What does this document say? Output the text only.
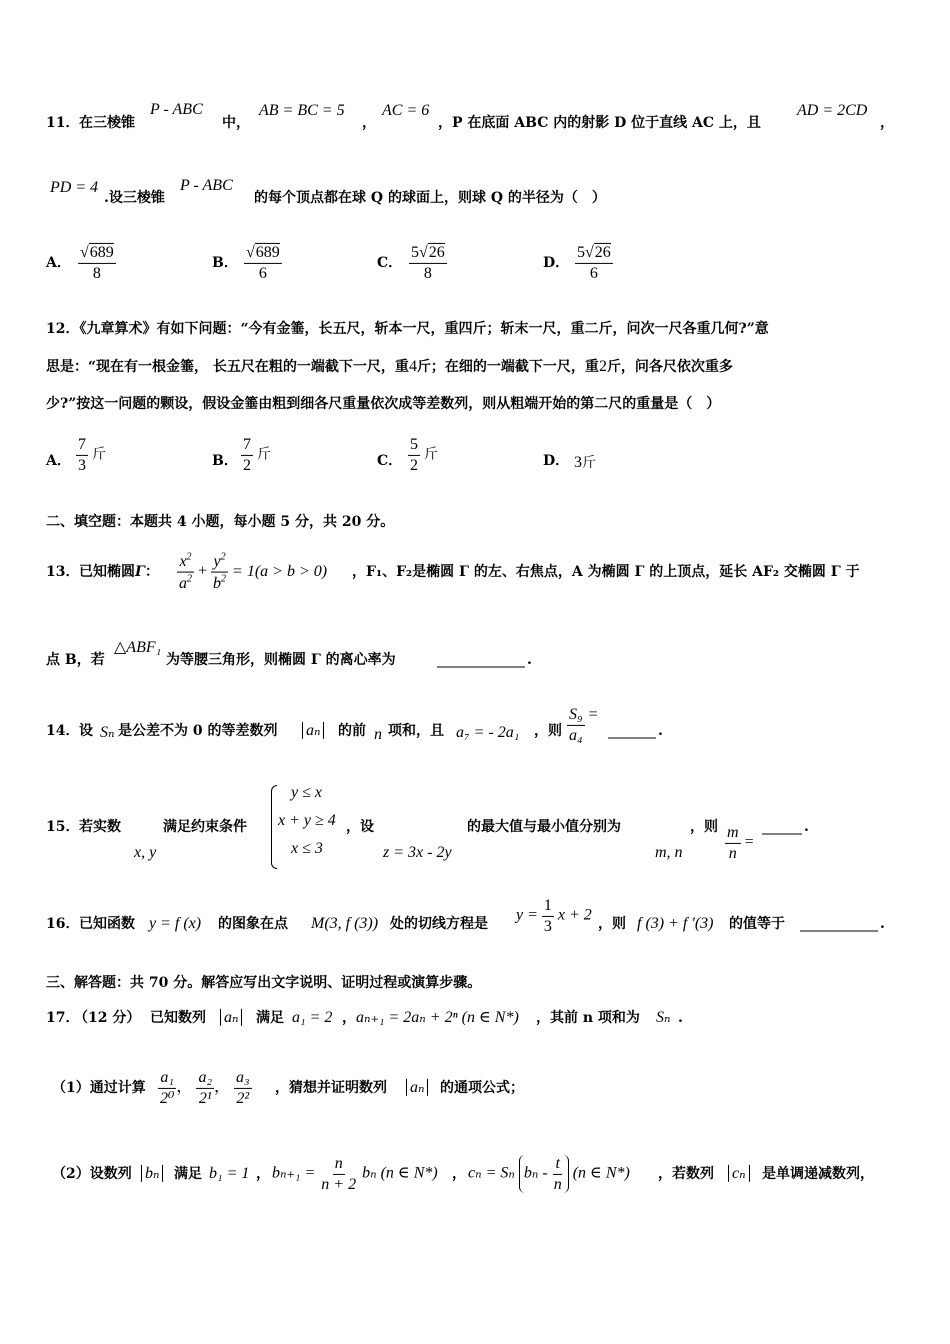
11． 在三棱锥
P - ABC
中，
AB = BC = 5
，
AC = 6
，P 在底面 ABC 内的射影 D 位于直线 AC 上，且
AD = 2CD
，
PD = 4
.设三棱锥
P - ABC
的每个顶点都在球 Q 的球面上，则球 Q 的半径为（　）
A． $\frac{√689}{8}$	B． $\frac{√689}{6}$	C． $\frac{5√26}{8}$	D． $\frac{5√26}{6}$
12．《九章算术》有如下问题：“今有金箠，长五尺，斩本一尺，重四斤；斩末一尺，重二斤，问次一尺各重几何?”意
思是：“现在有一根金箠， 长五尺在粗的一端截下一尺，重4斤；在细的一端截下一尺，重2斤，问各尺依次重多
少?”按这一问题的颗设，假设金箠由粗到细各尺重量依次成等差数列，则从粗端开始的第二尺的重量是（　）
A． $\frac{7}{3}$ 斤	B． $\frac{7}{2}$ 斤	C． $\frac{5}{2}$ 斤	D． 3斤
二、填空题：本题共 4 小题，每小题 5 分，共 20 分。
13． 已知椭圆Γ： $\frac{x^2}{a^2} + \frac{y^2}{b^2} = 1(a > b > 0)$ ，F₁、F₂是椭圆 Γ 的左、右焦点，A 为椭圆 Γ 的上顶点，延长 AF₂ 交椭圆 Γ 于
点 B，若
△ABF₁
为等腰三角形，则椭圆 Γ 的离心率为	.
14． 设 Sₙ 是公差不为 0 的等差数列 aₙ 的前 n 项和，且 a₇ = - 2a₁ ，则 $\frac{\text{S₉}}{\text{a₄}}$ =
.
15． 若实数
x, y
满足约束条件
y ≤ x
x + y ≥ 4
x ≤ 3
，设
z = 3x - 2y
的最大值与最小值分别为
m, n
，则 $\frac{m}{n}$ =
.
16． 已知函数 y = f (x) 的图象在点 M(3, f (3)) 处的切线方程是
$y = \frac{1}{3}$ x + 2
，则 f (3) + f ′(3) 的值等于	.
三、解答题：共 70 分。解答应写出文字说明、证明过程或演算步骤。
17．
（12 分） 已知数列 aₙ 满足 a₁ = 2 ， aₙ₊₁ = 2aₙ + 2ⁿ (n ∈ N*) ，其前 n 项和为 Sₙ .
（1）通过计算 $\frac{\text{a₁}}{\text{2⁰}}$ ， $\frac{\text{a₂}}{\text{2¹}}$ ， $\frac{\text{a₃}}{\text{2²}}$ ，猜想并证明数列 aₙ 的通项公式；
（2）设数列 bₙ 满足 b₁ = 1 ， $b_{n+1} = \frac{n}{n + 2}$ bₙ (n ∈ N*) ， cₙ = Sₙ bₙ - $\frac{t}{n} (n$ ∈ N*) ，若数列 cₙ 是单调递减数列，
